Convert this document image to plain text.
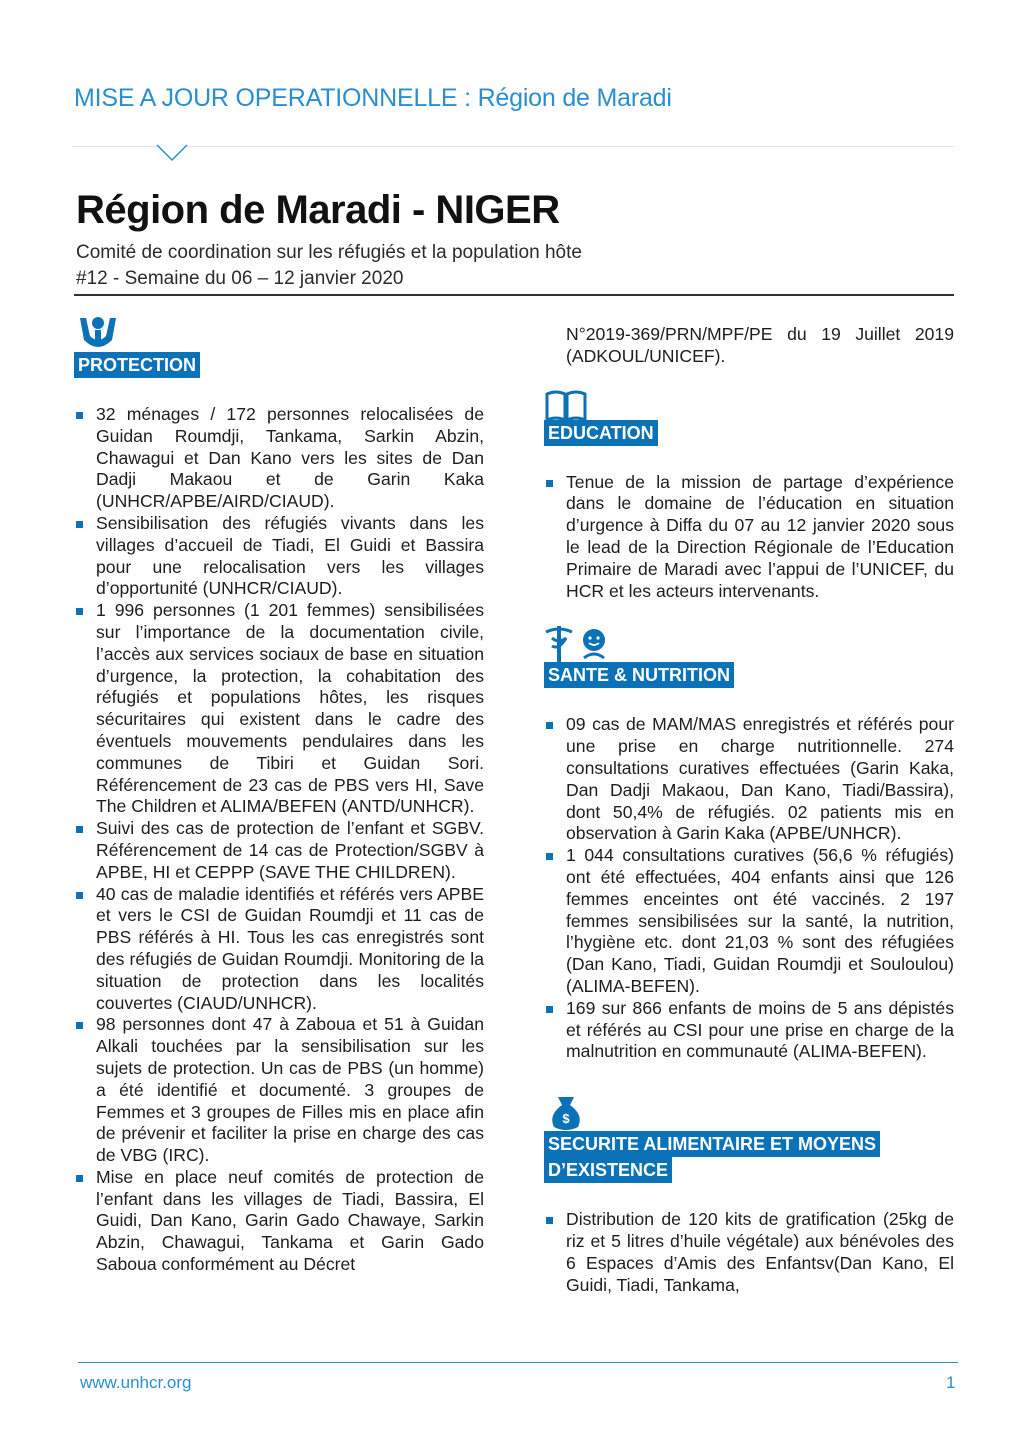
MISE A JOUR OPERATIONNELLE : Région de Maradi
Région de Maradi - NIGER
Comité de coordination sur les réfugiés et la population hôte
#12 - Semaine du 06 – 12 janvier 2020
PROTECTION
32 ménages / 172 personnes relocalisées de Guidan Roumdji, Tankama, Sarkin Abzin, Chawagui et Dan Kano vers les sites de Dan Dadji Makaou et de Garin Kaka (UNHCR/APBE/AIRD/CIAUD).
Sensibilisation des réfugiés vivants dans les villages d’accueil de Tiadi, El Guidi et Bassira pour une relocalisation vers les villages d’opportunité (UNHCR/CIAUD).
1 996 personnes (1 201 femmes) sensibilisées sur l’importance de la documentation civile, l’accès aux services sociaux de base en situation d’urgence, la protection, la cohabitation des réfugiés et populations hôtes, les risques sécuritaires qui existent dans le cadre des éventuels mouvements pendulaires dans les communes de Tibiri et Guidan Sori. Référencement de 23 cas de PBS vers HI, Save The Children et ALIMA/BEFEN (ANTD/UNHCR).
Suivi des cas de protection de l’enfant et SGBV. Référencement de 14 cas de Protection/SGBV à APBE, HI et CEPPP (SAVE THE CHILDREN).
40 cas de maladie identifiés et référés vers APBE et vers le CSI de Guidan Roumdji et 11 cas de PBS référés à HI. Tous les cas enregistrés sont des réfugiés de Guidan Roumdji. Monitoring de la situation de protection dans les localités couvertes (CIAUD/UNHCR).
98 personnes dont 47 à Zaboua et 51 à Guidan Alkali touchées par la sensibilisation sur les sujets de protection. Un cas de PBS (un homme) a été identifié et documenté. 3 groupes de Femmes et 3 groupes de Filles mis en place afin de prévenir et faciliter la prise en charge des cas de VBG (IRC).
Mise en place neuf comités de protection de l’enfant dans les villages de Tiadi, Bassira, El Guidi, Dan Kano, Garin Gado Chawaye, Sarkin Abzin, Chawagui, Tankama et Garin Gado Saboua conformément au Décret
N°2019-369/PRN/MPF/PE du 19 Juillet 2019 (ADKOUL/UNICEF).
EDUCATION
Tenue de la mission de partage d’expérience dans le domaine de l’éducation en situation d’urgence à Diffa du 07 au 12 janvier 2020 sous le lead de la Direction Régionale de l’Education Primaire de Maradi avec l’appui de l’UNICEF, du HCR et les acteurs intervenants.
SANTE & NUTRITION
09 cas de MAM/MAS enregistrés et référés pour une prise en charge nutritionnelle. 274 consultations curatives effectuées (Garin Kaka, Dan Dadji Makaou, Dan Kano, Tiadi/Bassira), dont 50,4% de réfugiés. 02 patients mis en observation à Garin Kaka (APBE/UNHCR).
1 044 consultations curatives (56,6 % réfugiés) ont été effectuées, 404 enfants ainsi que 126 femmes enceintes ont été vaccinés. 2 197 femmes sensibilisées sur la santé, la nutrition, l’hygiène etc. dont 21,03 % sont des réfugiées (Dan Kano, Tiadi, Guidan Roumdji et Souloulou) (ALIMA-BEFEN).
169 sur 866 enfants de moins de 5 ans dépistés et référés au CSI pour une prise en charge de la malnutrition en communauté (ALIMA-BEFEN).
$
SECURITE ALIMENTAIRE ET MOYENS
D’EXISTENCE
Distribution de 120 kits de gratification (25kg de riz et 5 litres d’huile végétale) aux bénévoles des 6 Espaces d’Amis des Enfantsv(Dan Kano, El Guidi, Tiadi, Tankama,
www.unhcr.org	1
